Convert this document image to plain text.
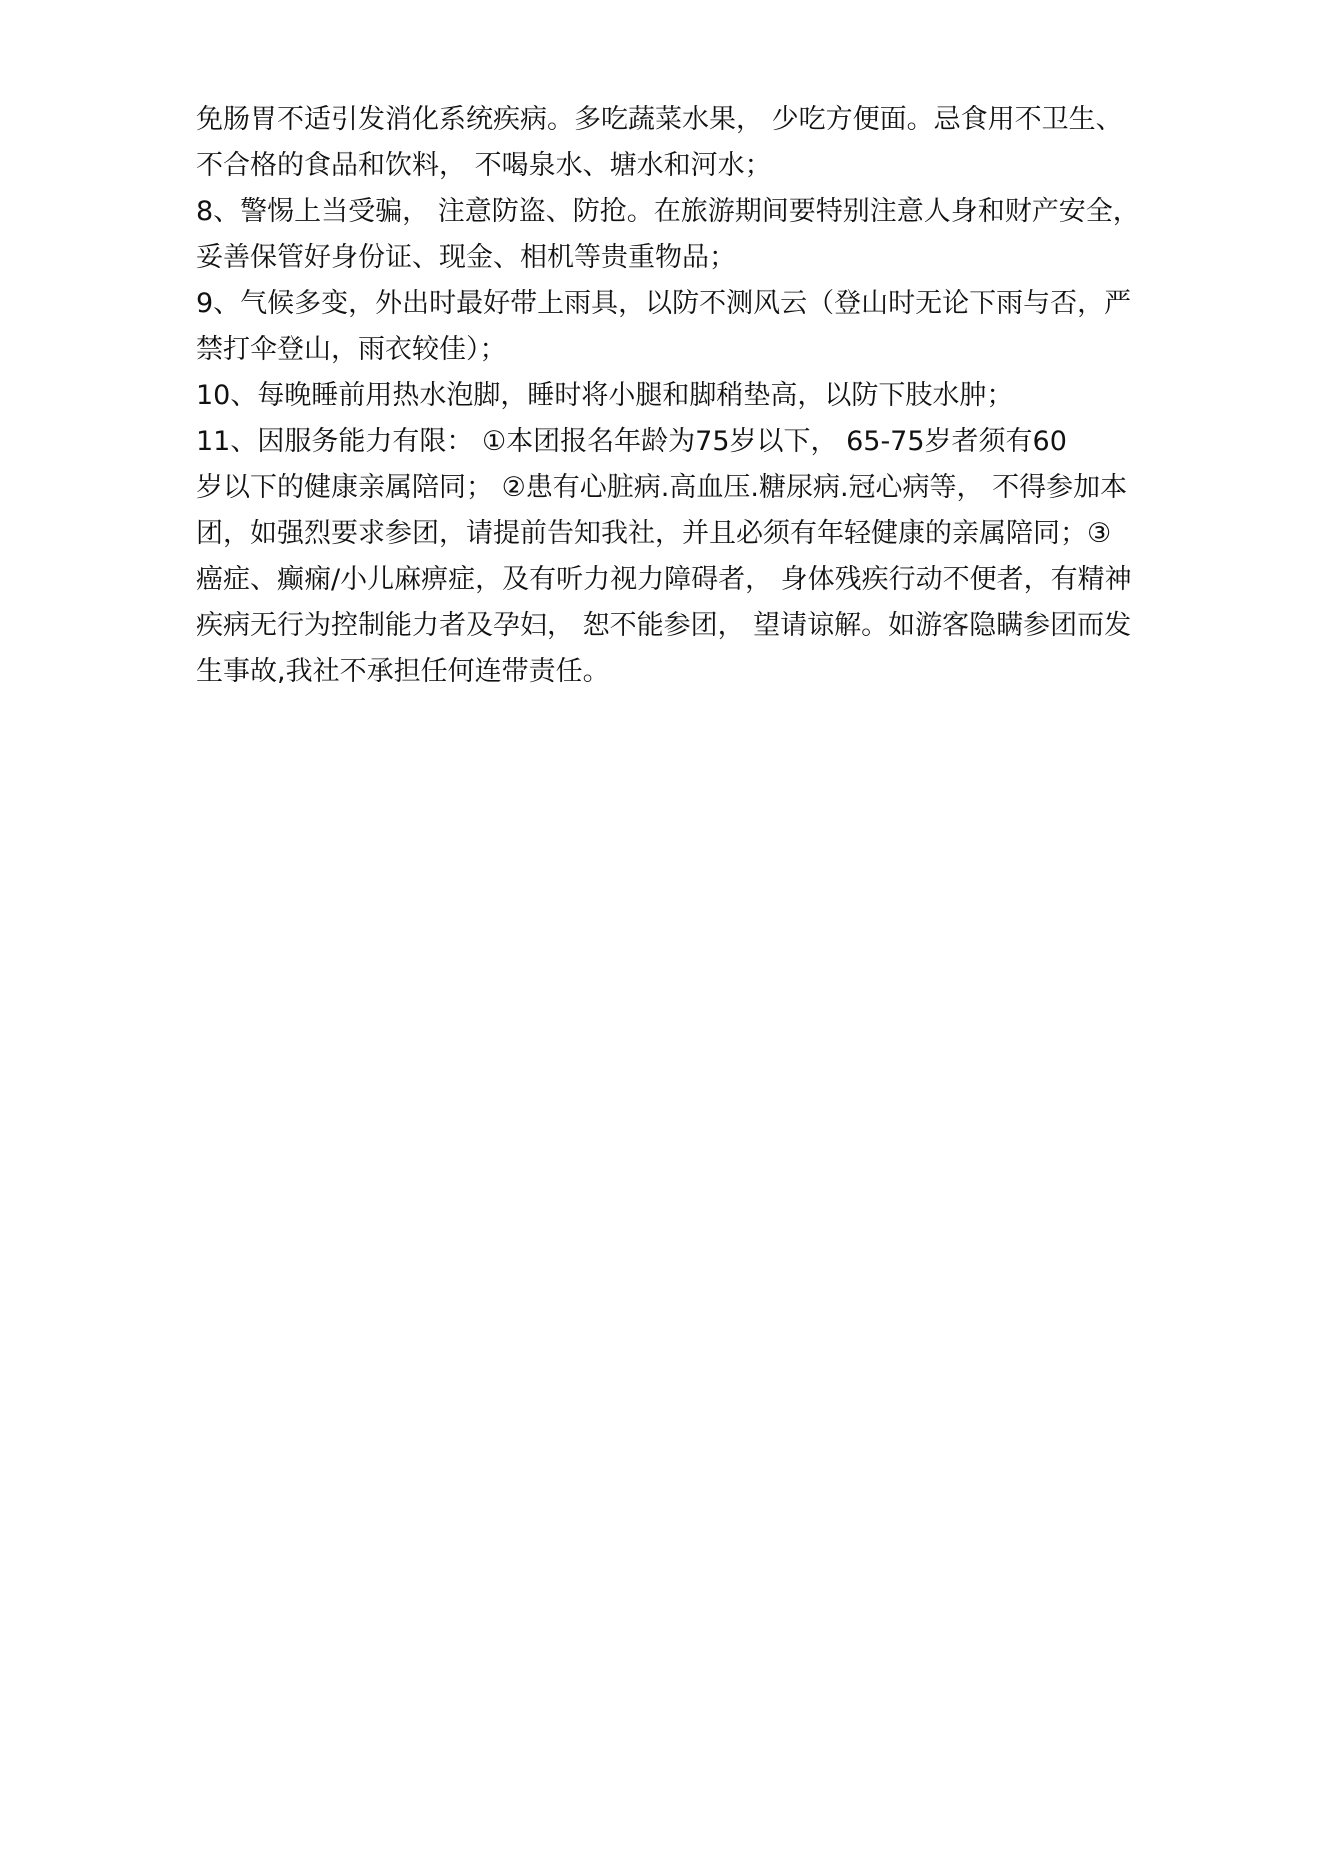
免肠胃不适引发消化系统疾病。多吃蔬菜水果， 少吃方便面。忌食用不卫生、
不合格的食品和饮料， 不喝泉水、塘水和河水；
8、警惕上当受骗， 注意防盗、防抢。在旅游期间要特别注意人身和财产安全，
妥善保管好身份证、现金、相机等贵重物品；
9、气候多变，外出时最好带上雨具，以防不测风云（登山时无论下雨与否，严
禁打伞登山，雨衣较佳）；
10、每晚睡前用热水泡脚，睡时将小腿和脚稍垫高，以防下肢水肿；
11、因服务能力有限： ①本团报名年龄为75岁以下， 65-75岁者须有60
岁以下的健康亲属陪同； ②患有心脏病.高血压.糖尿病.冠心病等， 不得参加本
团，如强烈要求参团，请提前告知我社，并且必须有年轻健康的亲属陪同；③
癌症、癫痫/小儿麻痹症，及有听力视力障碍者， 身体残疾行动不便者，有精神
疾病无行为控制能力者及孕妇， 恕不能参团， 望请谅解。如游客隐瞒参团而发
生事故,我社不承担任何连带责任。
